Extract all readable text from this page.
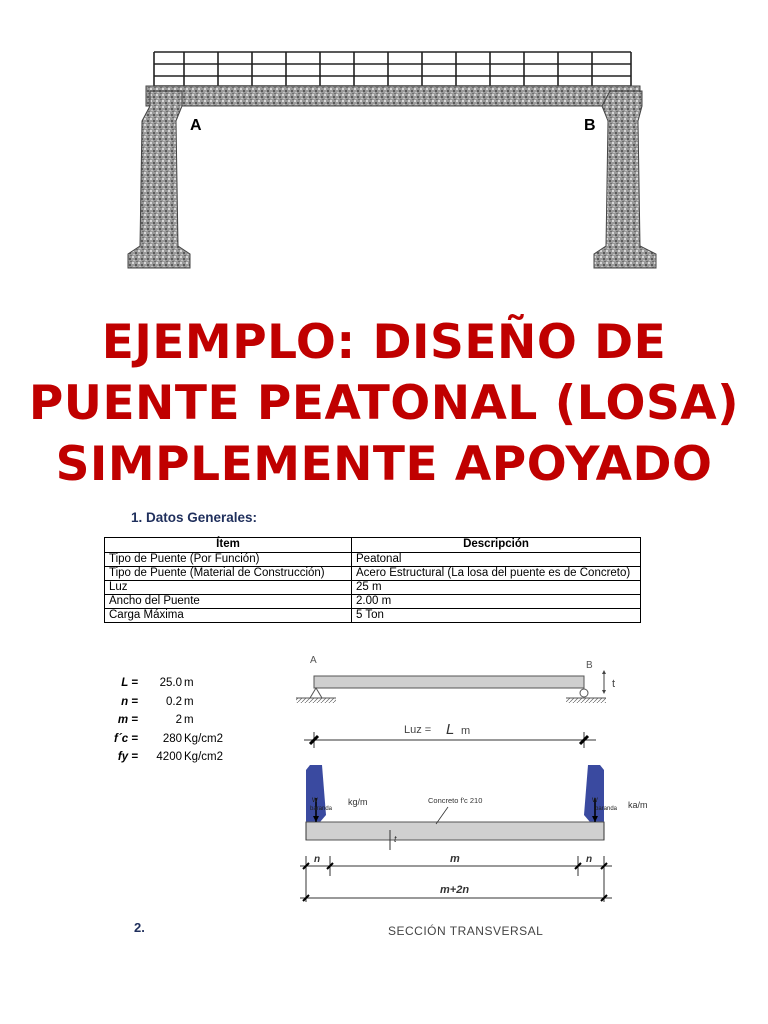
A	B
EJEMPLO: DISEÑO DE
PUENTE PEATONAL (LOSA)
SIMPLEMENTE APOYADO
1. Datos Generales:
Ítem	Descripción
Tipo de Puente (Por Función)	Peatonal
Tipo de Puente (Material de Construcción)	Acero Estructural (La losa del puente es de Concreto)
Luz	25 m
Ancho del Puente	2.00 m
Carga Máxima	5 Ton
L =	25.0 m
n =	0.2 m
m =	2 m
f´c =	280 Kg/cm2
fy =	4200 Kg/cm2
A	B
t
Luz = L m
t
w
baranda
kg/m	w
baranda ka/m
Concreto f'c 210
n	m	n
m+2n
SECCIÓN TRANSVERSAL
2.
